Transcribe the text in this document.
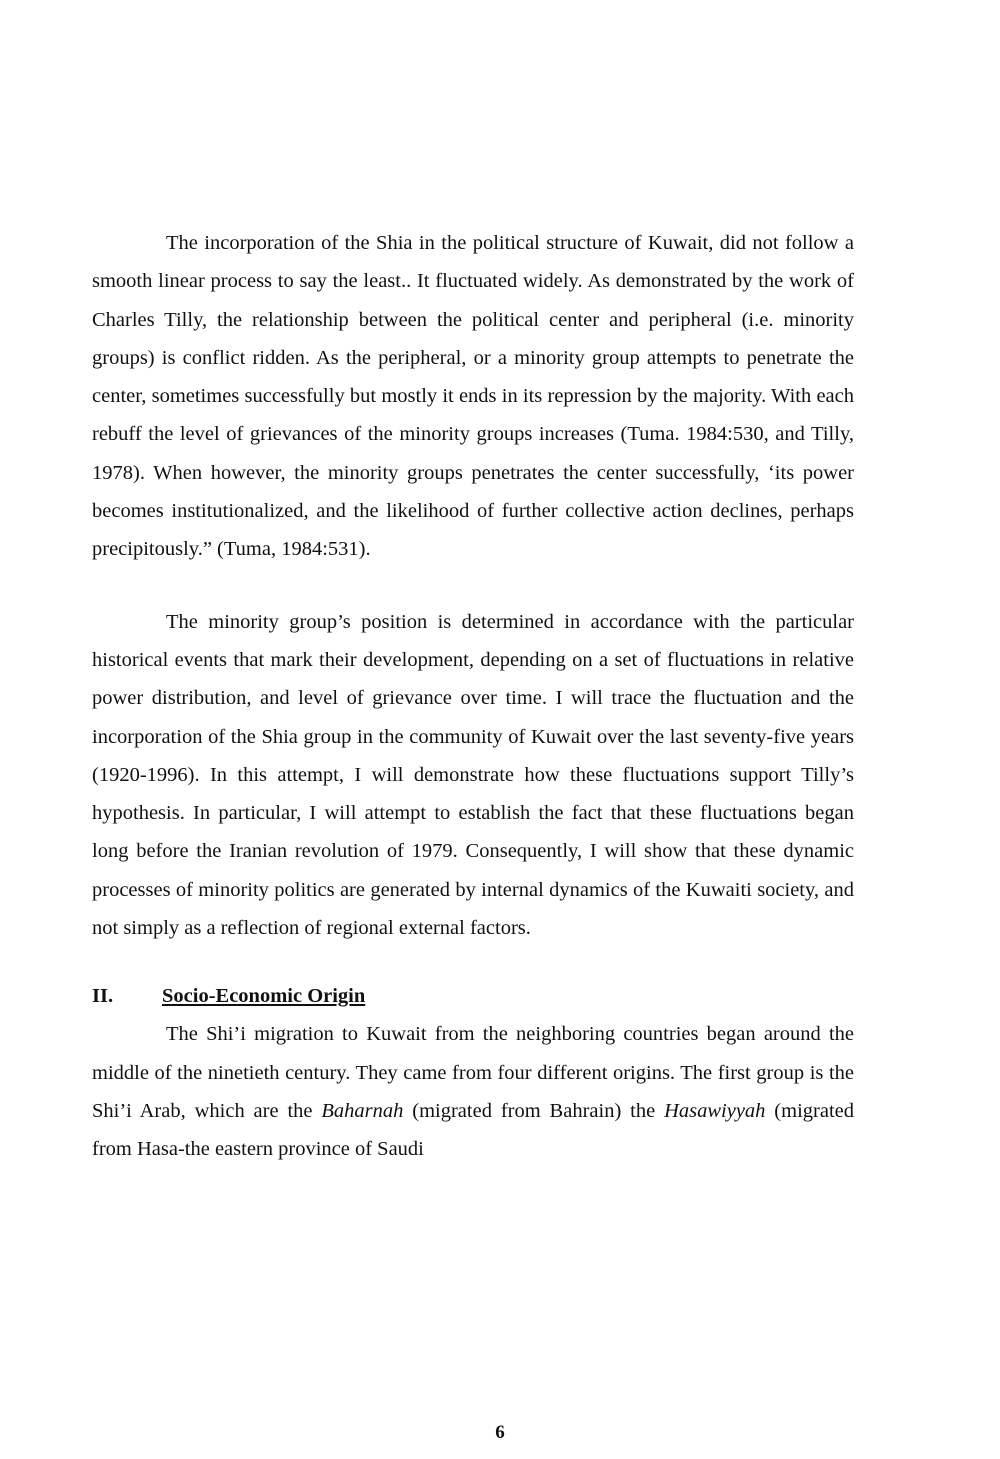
The incorporation of the Shia in the political structure of Kuwait, did not follow a smooth linear process to say the least.. It fluctuated widely. As demonstrated by the work of Charles Tilly, the relationship between the political center and peripheral (i.e. minority groups) is conflict ridden. As the peripheral, or a minority group attempts to penetrate the center, sometimes successfully but mostly it ends in its repression by the majority. With each rebuff the level of grievances of the minority groups increases (Tuma. 1984:530, and Tilly, 1978). When however, the minority groups penetrates the center successfully, ‘its power becomes institutionalized, and the likelihood of further collective action declines, perhaps precipitously.” (Tuma, 1984:531).

The minority group’s position is determined in accordance with the particular historical events that mark their development, depending on a set of fluctuations in relative power distribution, and level of grievance over time. I will trace the fluctuation and the incorporation of the Shia group in the community of Kuwait over the last seventy-five years (1920-1996). In this attempt, I will demonstrate how these fluctuations support Tilly’s hypothesis. In particular, I will attempt to establish the fact that these fluctuations began long before the Iranian revolution of 1979. Consequently, I will show that these dynamic processes of minority politics are generated by internal dynamics of the Kuwaiti society, and not simply as a reflection of regional external factors.

II.	Socio-Economic Origin

The Shi’i migration to Kuwait from the neighboring countries began around the middle of the ninetieth century. They came from four different origins. The first group is the Shi’i Arab, which are the Baharnah (migrated from Bahrain) the Hasawiyyah (migrated from Hasa-the eastern province of Saudi

6
